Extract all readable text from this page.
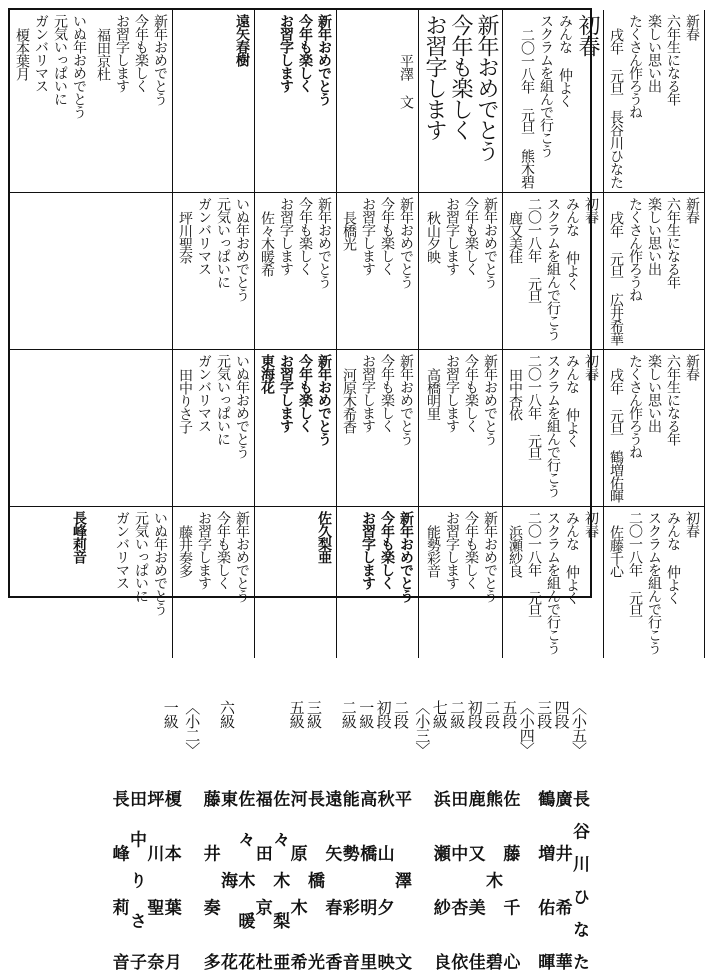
新春
六年生になる年
楽しい思い出
たくさん作ろうね
戌年 元旦 長谷川ひなた
初春
みんな 仲よく
スクラムを組んで行こう
二〇一八年 元旦 熊木碧
新年おめでとう
今年も楽しく
お習字します
平澤 文
新年おめでとう
今年も楽しく
お習字します
遠矢春樹
新年おめでとう
今年も楽しく
お習字します
福田京杜
いぬ年おめでとう
元気いっぱいに
ガンバリマス
榎本葉月
新春
六年生になる年
楽しい思い出
たくさん作ろうね
戌年 元旦 広井希華
初春
みんな 仲よく
スクラムを組んで行こう
二〇一八年 元旦
鹿又美佳
新年おめでとう
今年も楽しく
お習字します
秋山夕映
新年おめでとう
今年も楽しく
お習字します
長橋光
新年おめでとう
今年も楽しく
お習字します
佐々木暖希
いぬ年おめでとう
元気いっぱいに
ガンバリマス
坪川聖奈
新春
六年生になる年
楽しい思い出
たくさん作ろうね
戌年 元旦 鶴増佑暉
初春
みんな 仲よく
スクラムを組んで行こう
二〇一八年 元旦
田中杏依
新年おめでとう
今年も楽しく
お習字します
高橋明里
新年おめでとう
今年も楽しく
お習字します
河原木希香
新年おめでとう
今年も楽しく
お習字します
東海花
いぬ年おめでとう
元気いっぱいに
ガンバリマス
田中りさ子
初春
みんな 仲よく
スクラムを組んで行こう
二〇一八年 元旦
佐藤千心
初春
みんな 仲よく
スクラムを組んで行こう
二〇一八年 元旦
浜瀬紗良
新年おめでとう
今年も楽しく
お習字します
能勢彩音
新年おめでとう
今年も楽しく
お習字します
佐久梨亜
新年おめでとう
今年も楽しく
お習字します
藤井奏多
いぬ年おめでとう
元気いっぱいに
ガンバリマス
長峰莉音
〈小五〉
長谷川ひなた
四段
廣井希華
三段
鶴増佑暉
〈小四〉
五段
佐藤千心
二段
熊木碧
初段
鹿又美佳
二級
田中杏依
七級
浜瀬紗良
〈小三〉
二段
平澤文
初段
秋山夕映
一級
高橋明里
二級
能勢彩音
遠矢春香
三級
長橋光
五級
河原木希
佐々木梨亜
福田京杜
佐々木暖花
六級
東海花
藤井奏多
〈小二〉
一級
榎本葉月
坪川聖奈
田中りさ子
長峰莉音
